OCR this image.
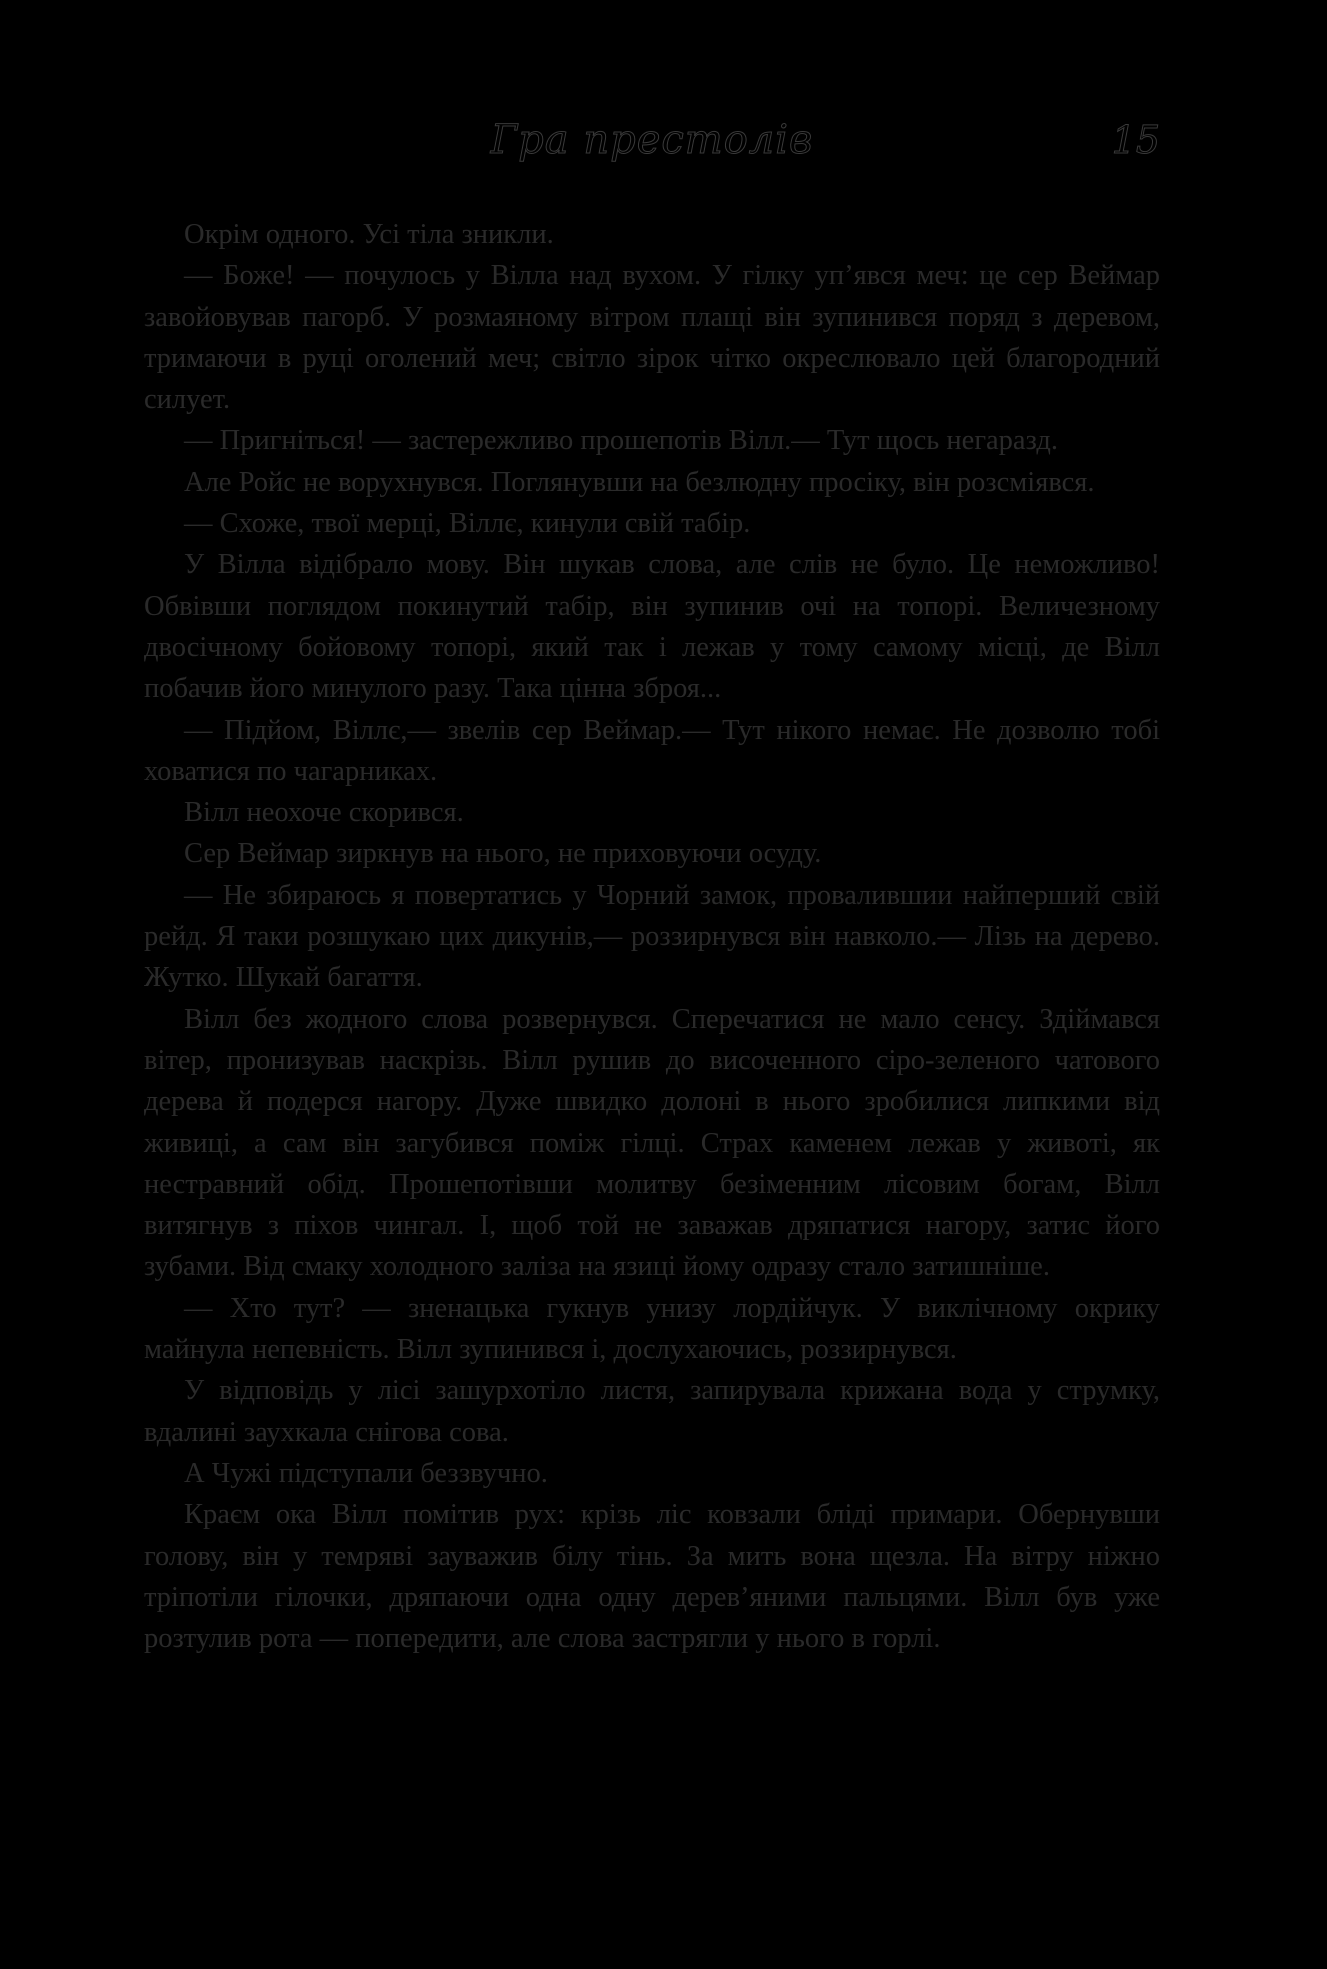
Гра престолів	15

Окрім одного. Усі тіла зникли.

— Боже! — почулось у Вілла над вухом. У гілку уп’явся меч: це сер Веймар завойовував пагорб. У розмаяному вітром плащі він зупинився поряд з деревом, тримаючи в руці оголений меч; світло зірок чітко окреслювало цей благородний силует.

— Пригніться! — застережливо прошепотів Вілл.— Тут щось негаразд.

Але Ройс не ворухнувся. Поглянувши на безлюдну просіку, він розсміявся.

— Схоже, твої мерці, Віллє, кинули свій табір.

У Вілла відібрало мову. Він шукав слова, але слів не було. Це неможливо! Обвівши поглядом покинутий табір, він зупинив очі на топорі. Величезному двосічному бойовому топорі, який так і лежав у тому самому місці, де Вілл побачив його минулого разу. Така цінна зброя...

— Підйом, Віллє,— звелів сер Веймар.— Тут нікого немає. Не дозволю тобі ховатися по чагарниках.

Вілл неохоче скорився.

Сер Веймар зиркнув на нього, не приховуючи осуду.

— Не збираюсь я повертатись у Чорний замок, провалившии найперший свій рейд. Я таки розшукаю цих дикунів,— роззирнувся він навколо.— Лізь на дерево. Жутко. Шукай багаття.

Вілл без жодного слова розвернувся. Сперечатися не мало сенсу. Здіймався вітер, пронизував наскрізь. Вілл рушив до височенного сіро-зеленого чатового дерева й подерся нагору. Дуже швидко долоні в нього зробилися липкими від живиці, а сам він загубився поміж гілці. Страх каменем лежав у животі, як нестравний обід. Прошепотівши молитву безіменним лісовим богам, Вілл витягнув з піхов чингал. І, щоб той не заважав дряпатися нагору, затис його зубами. Від смаку холодного заліза на язиці йому одразу стало затишніше.

— Хто тут? — зненацька гукнув унизу лордійчук. У виклічному окрику майнула непевність. Вілл зупинився і, дослухаючись, роззирнувся.

У відповідь у лісі зашурхотіло листя, запирувала крижана вода у струмку, вдалині заухкала снігова сова.

А Чужі підступали беззвучно.

Краєм ока Вілл помітив рух: крізь ліс ковзали бліді примари. Обернувши голову, він у темряві зауважив білу тінь. За мить вона щезла. На вітру ніжно тріпотіли гілочки, дряпаючи одна одну дерев’яними пальцями. Вілл був уже розтулив рота — попередити, але слова застрягли у нього в горлі.
